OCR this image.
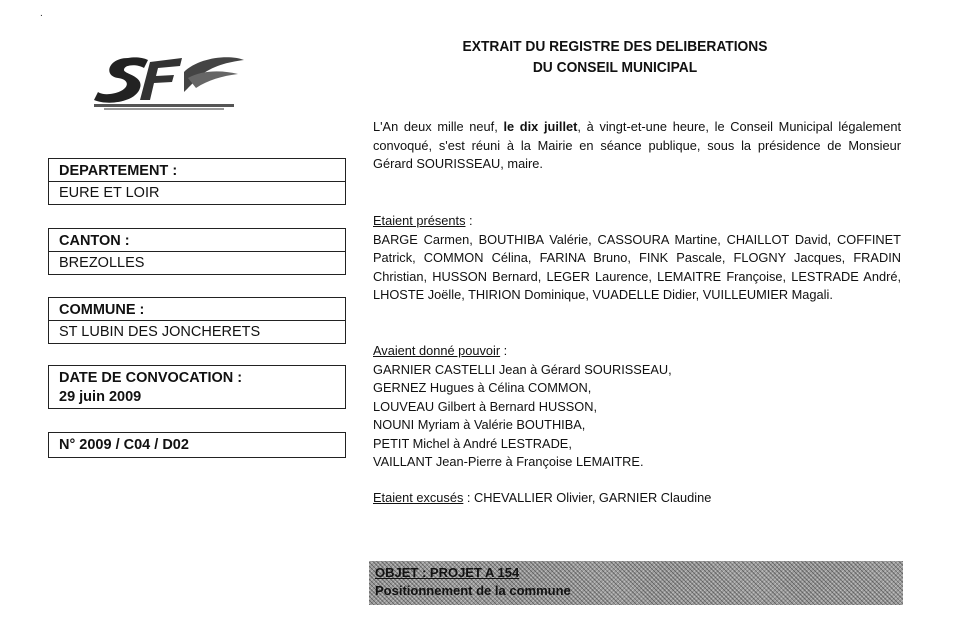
.
EXTRAIT DU REGISTRE DES DELIBERATIONS
DU CONSEIL MUNICIPAL
DEPARTEMENT :
EURE ET LOIR
CANTON :
BREZOLLES
COMMUNE :
ST LUBIN DES JONCHERETS
DATE DE CONVOCATION :
29 juin 2009
N° 2009 / C04 / D02

L'An deux mille neuf, le dix juillet, à vingt-et-une heure, le Conseil Municipal légalement convoqué, s'est réuni à la Mairie en séance publique, sous la présidence de Monsieur Gérard SOURISSEAU, maire.

Etaient présents :

BARGE Carmen, BOUTHIBA Valérie, CASSOURA Martine, CHAILLOT David, COFFINET Patrick, COMMON Célina, FARINA Bruno, FINK Pascale, FLOGNY Jacques, FRADIN Christian, HUSSON Bernard, LEGER Laurence, LEMAITRE Françoise, LESTRADE André, LHOSTE Joëlle, THIRION Dominique, VUADELLE Didier, VUILLEUMIER Magali.

Avaient donné pouvoir :

GARNIER CASTELLI Jean à Gérard SOURISSEAU,

GERNEZ Hugues à Célina COMMON,

LOUVEAU Gilbert à Bernard HUSSON,

NOUNI Myriam à Valérie BOUTHIBA,

PETIT Michel à André LESTRADE,

VAILLANT Jean-Pierre à Françoise LEMAITRE.

Etaient excusés : CHEVALLIER Olivier, GARNIER Claudine

OBJET : PROJET A 154
Positionnement de la commune
